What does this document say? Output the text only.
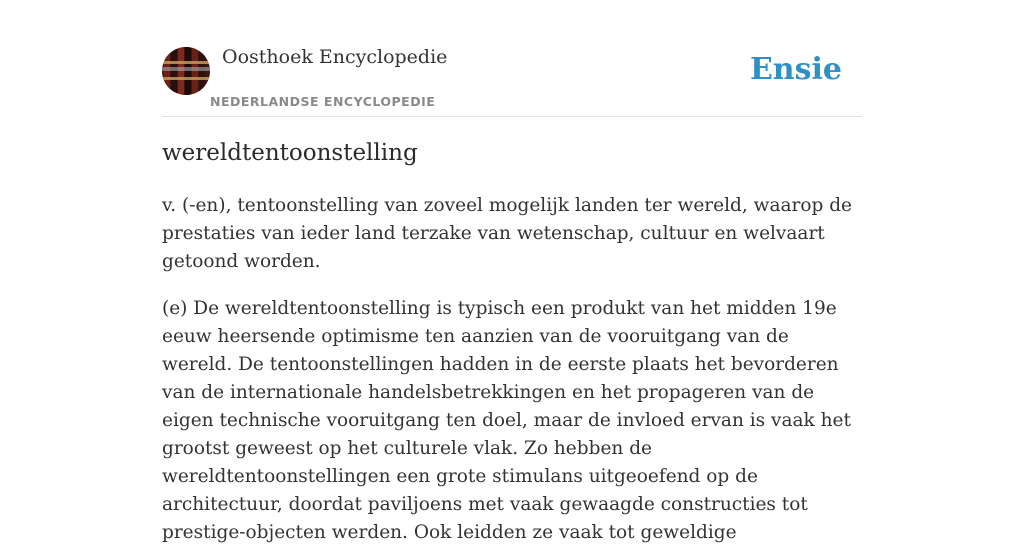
Oosthoek Encyclopedie
NEDERLANDSE ENCYCLOPEDIE
Ensie
wereldtentoonstelling

v. (-en), tentoonstelling van zoveel mogelijk landen ter wereld, waarop de prestaties van ieder land terzake van wetenschap, cultuur en welvaart getoond worden.

(e) De wereldtentoonstelling is typisch een produkt van het midden 19e eeuw heersende optimisme ten aanzien van de vooruitgang van de wereld. De tentoonstellingen hadden in de eerste plaats het bevorderen van de internationale handelsbetrekkingen en het propageren van de eigen technische vooruitgang ten doel, maar de invloed ervan is vaak het grootst geweest op het culturele vlak. Zo hebben de wereldtentoonstellingen een grote stimulans uitgeoefend op de architectuur, doordat paviljoens met vaak gewaagde constructies tot prestige-objecten werden. Ook leidden ze vaak tot geweldige
